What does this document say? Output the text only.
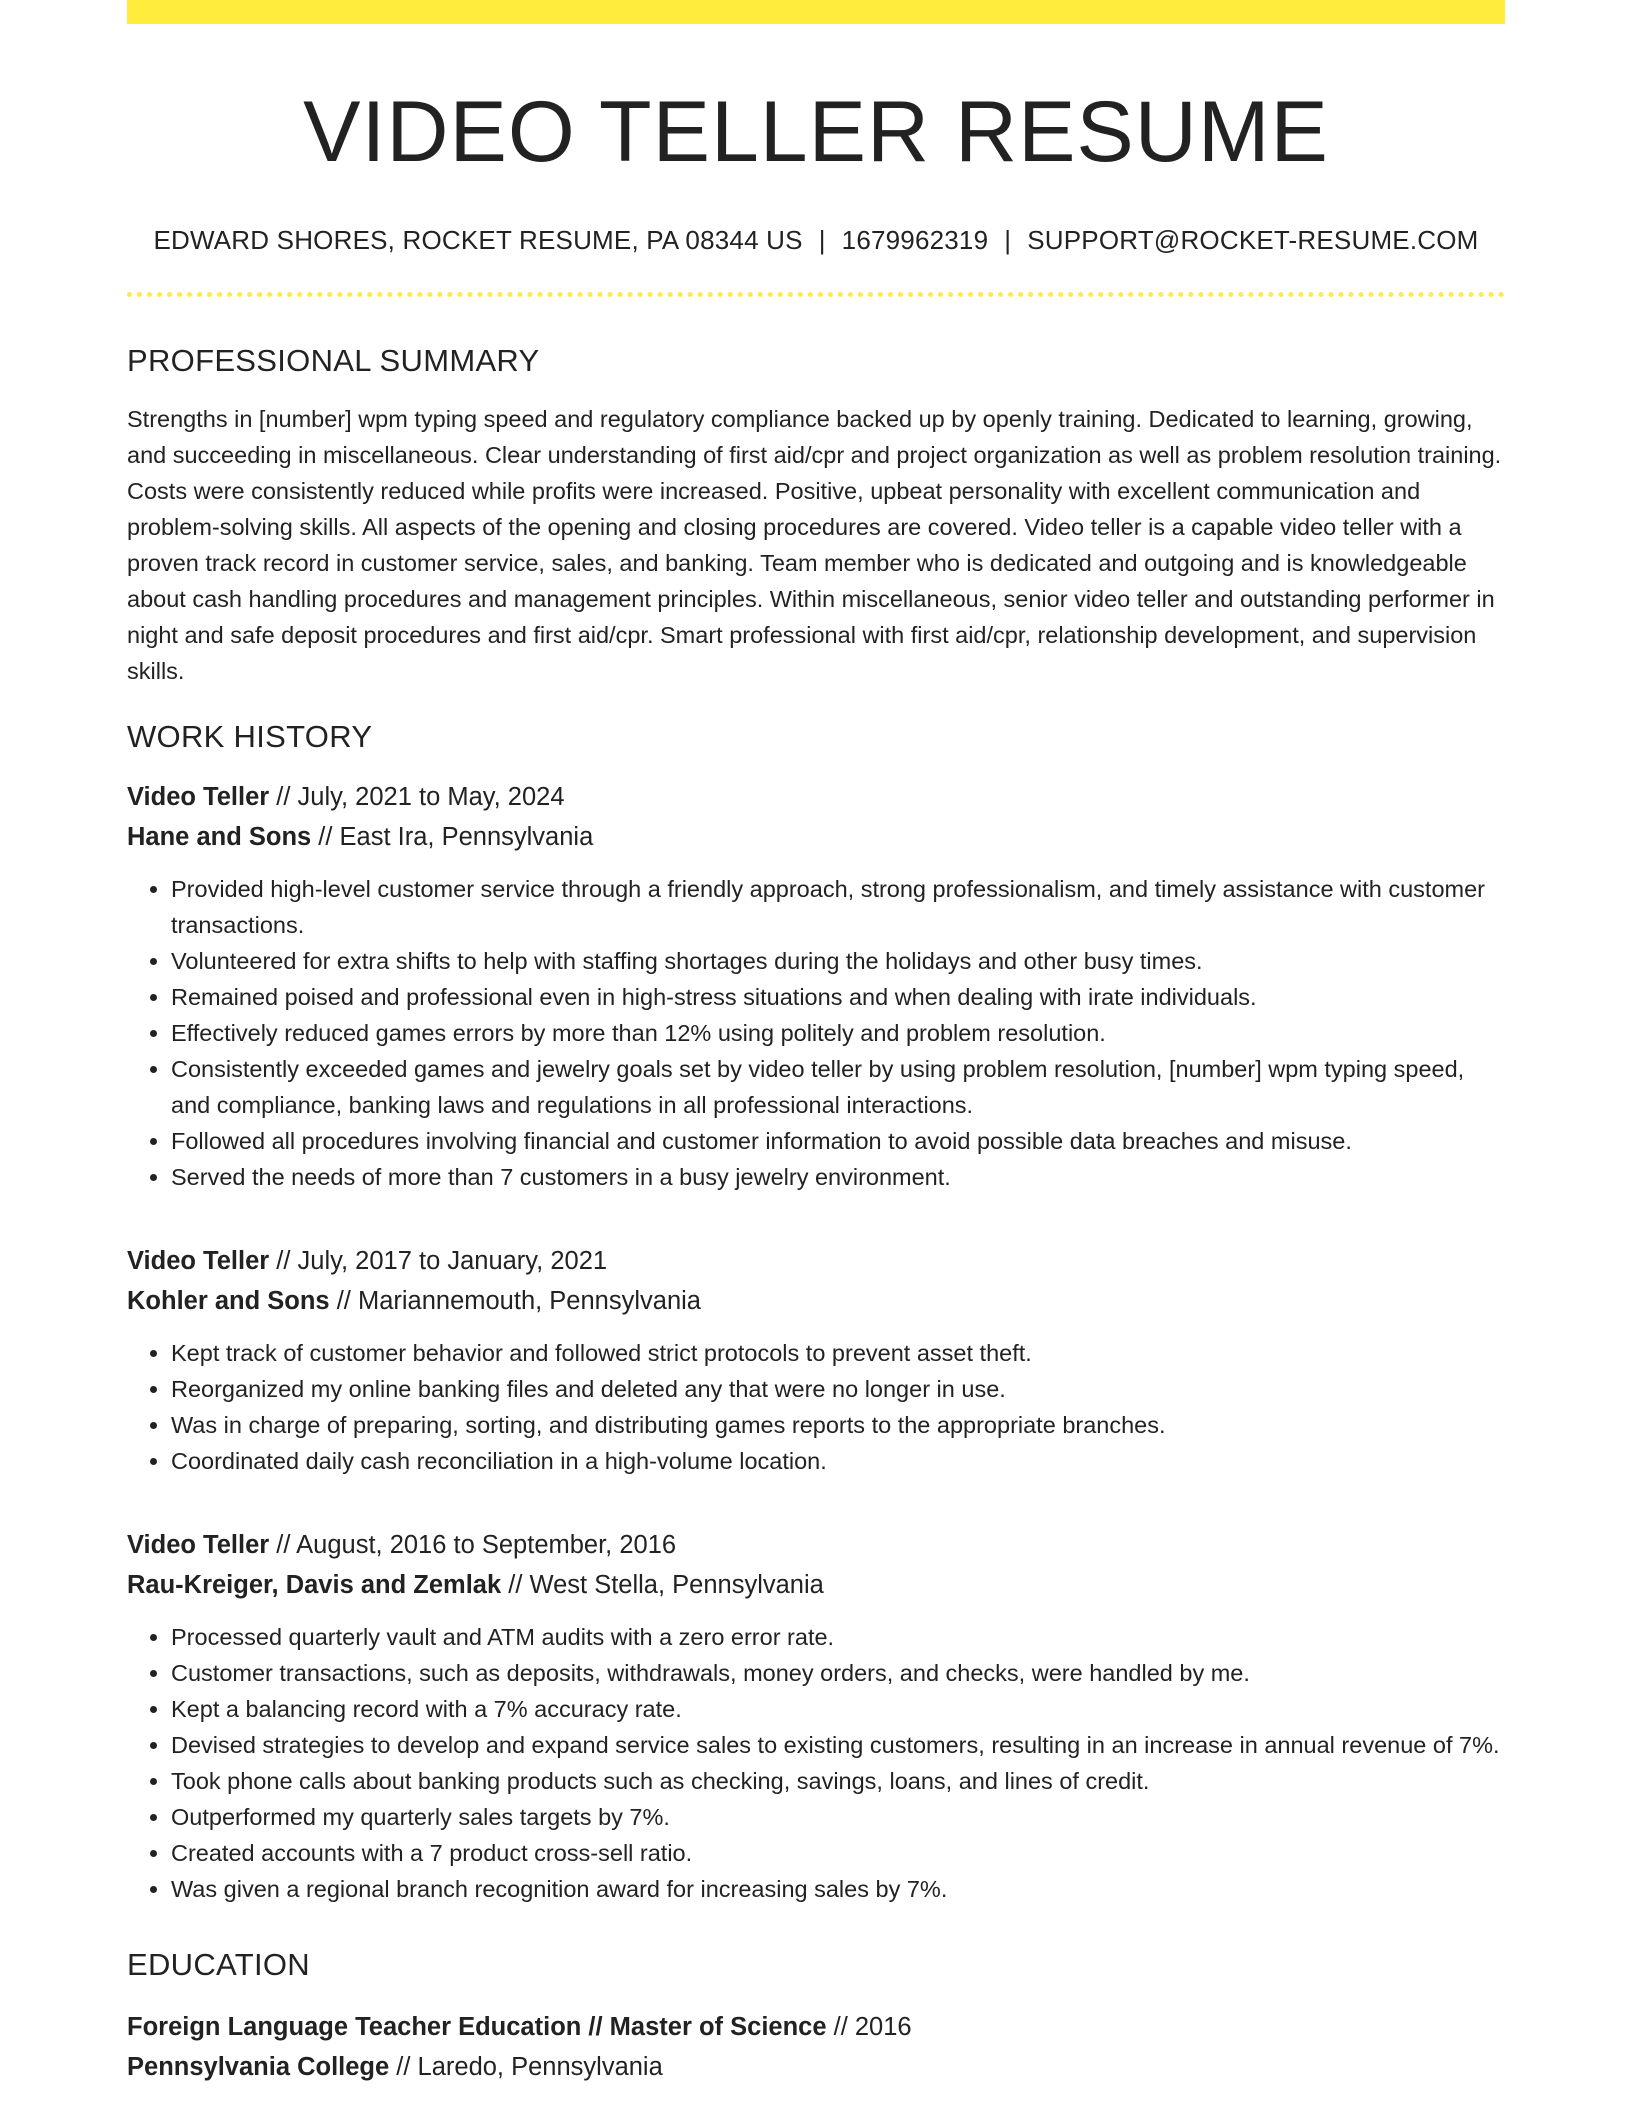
VIDEO TELLER RESUME
EDWARD SHORES, ROCKET RESUME, PA 08344 US | 1679962319 | SUPPORT@ROCKET-RESUME.COM
PROFESSIONAL SUMMARY

Strengths in [number] wpm typing speed and regulatory compliance backed up by openly training. Dedicated to learning, growing, and succeeding in miscellaneous. Clear understanding of first aid/cpr and project organization as well as problem resolution training. Costs were consistently reduced while profits were increased. Positive, upbeat personality with excellent communication and problem-solving skills. All aspects of the opening and closing procedures are covered. Video teller is a capable video teller with a proven track record in customer service, sales, and banking. Team member who is dedicated and outgoing and is knowledgeable about cash handling procedures and management principles. Within miscellaneous, senior video teller and outstanding performer in night and safe deposit procedures and first aid/cpr. Smart professional with first aid/cpr, relationship development, and supervision skills.

WORK HISTORY
Video Teller // July, 2021 to May, 2024
Hane and Sons // East Ira, Pennsylvania
• Provided high-level customer service through a friendly approach, strong professionalism, and timely assistance with customer transactions.
• Volunteered for extra shifts to help with staffing shortages during the holidays and other busy times.
• Remained poised and professional even in high-stress situations and when dealing with irate individuals.
• Effectively reduced games errors by more than 12% using politely and problem resolution.
• Consistently exceeded games and jewelry goals set by video teller by using problem resolution, [number] wpm typing speed, and compliance, banking laws and regulations in all professional interactions.
• Followed all procedures involving financial and customer information to avoid possible data breaches and misuse.
• Served the needs of more than 7 customers in a busy jewelry environment.
Video Teller // July, 2017 to January, 2021
Kohler and Sons // Mariannemouth, Pennsylvania
• Kept track of customer behavior and followed strict protocols to prevent asset theft.
• Reorganized my online banking files and deleted any that were no longer in use.
• Was in charge of preparing, sorting, and distributing games reports to the appropriate branches.
• Coordinated daily cash reconciliation in a high-volume location.
Video Teller // August, 2016 to September, 2016
Rau-Kreiger, Davis and Zemlak // West Stella, Pennsylvania
• Processed quarterly vault and ATM audits with a zero error rate.
• Customer transactions, such as deposits, withdrawals, money orders, and checks, were handled by me.
• Kept a balancing record with a 7% accuracy rate.
• Devised strategies to develop and expand service sales to existing customers, resulting in an increase in annual revenue of 7%.
• Took phone calls about banking products such as checking, savings, loans, and lines of credit.
• Outperformed my quarterly sales targets by 7%.
• Created accounts with a 7 product cross-sell ratio.
• Was given a regional branch recognition award for increasing sales by 7%.
EDUCATION
Foreign Language Teacher Education // Master of Science // 2016
Pennsylvania College // Laredo, Pennsylvania
